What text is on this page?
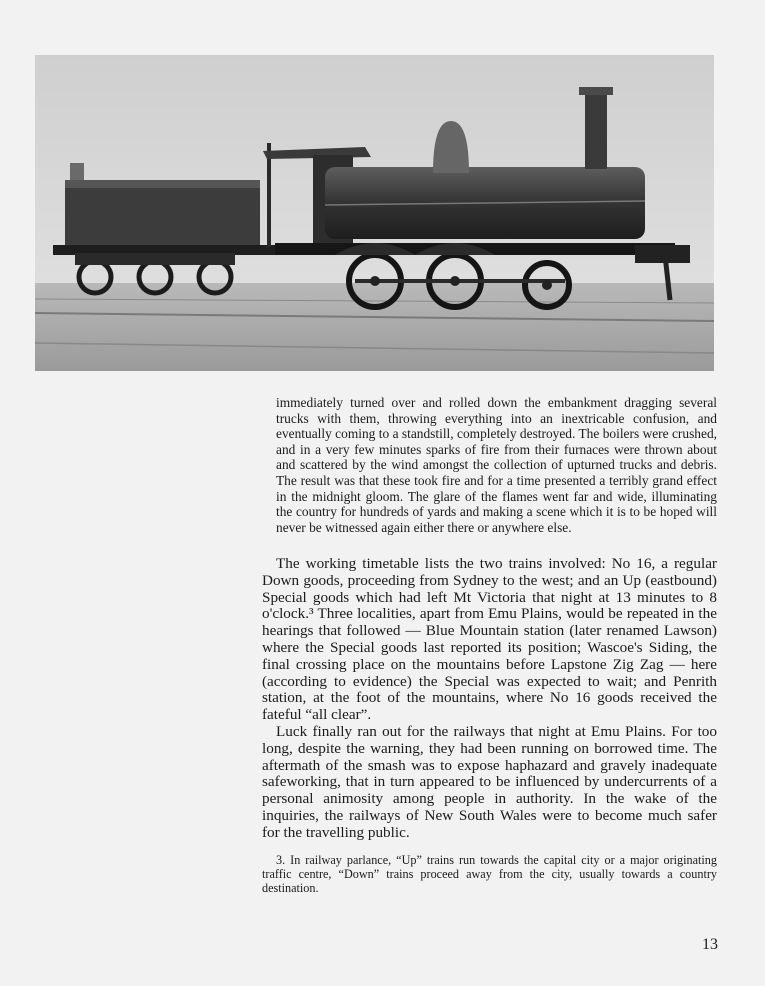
immediately turned over and rolled down the embankment dragging several trucks with them, throwing everything into an inextricable confusion, and eventually coming to a standstill, completely destroyed. The boilers were crushed, and in a very few minutes sparks of fire from their furnaces were thrown about and scattered by the wind amongst the collection of upturned trucks and debris. The result was that these took fire and for a time presented a terribly grand effect in the midnight gloom. The glare of the flames went far and wide, illuminating the country for hundreds of yards and making a scene which it is to be hoped will never be witnessed again either there or anywhere else.

The working timetable lists the two trains involved: No 16, a regular Down goods, proceeding from Sydney to the west; and an Up (eastbound) Special goods which had left Mt Victoria that night at 13 minutes to 8 o'clock.³ Three localities, apart from Emu Plains, would be repeated in the hearings that followed — Blue Mountain station (later renamed Lawson) where the Special goods last reported its position; Wascoe's Siding, the final crossing place on the mountains before Lapstone Zig Zag — here (according to evidence) the Special was expected to wait; and Penrith station, at the foot of the mountains, where No 16 goods received the fateful “all clear”.

Luck finally ran out for the railways that night at Emu Plains. For too long, despite the warning, they had been running on borrowed time. The aftermath of the smash was to expose haphazard and gravely inadequate safeworking, that in turn appeared to be influenced by undercurrents of a personal animosity among people in authority. In the wake of the inquiries, the railways of New South Wales were to become much safer for the travelling public.

3. In railway parlance, “Up” trains run towards the capital city or a major originating traffic centre, “Down” trains proceed away from the city, usually towards a country destination.

13
